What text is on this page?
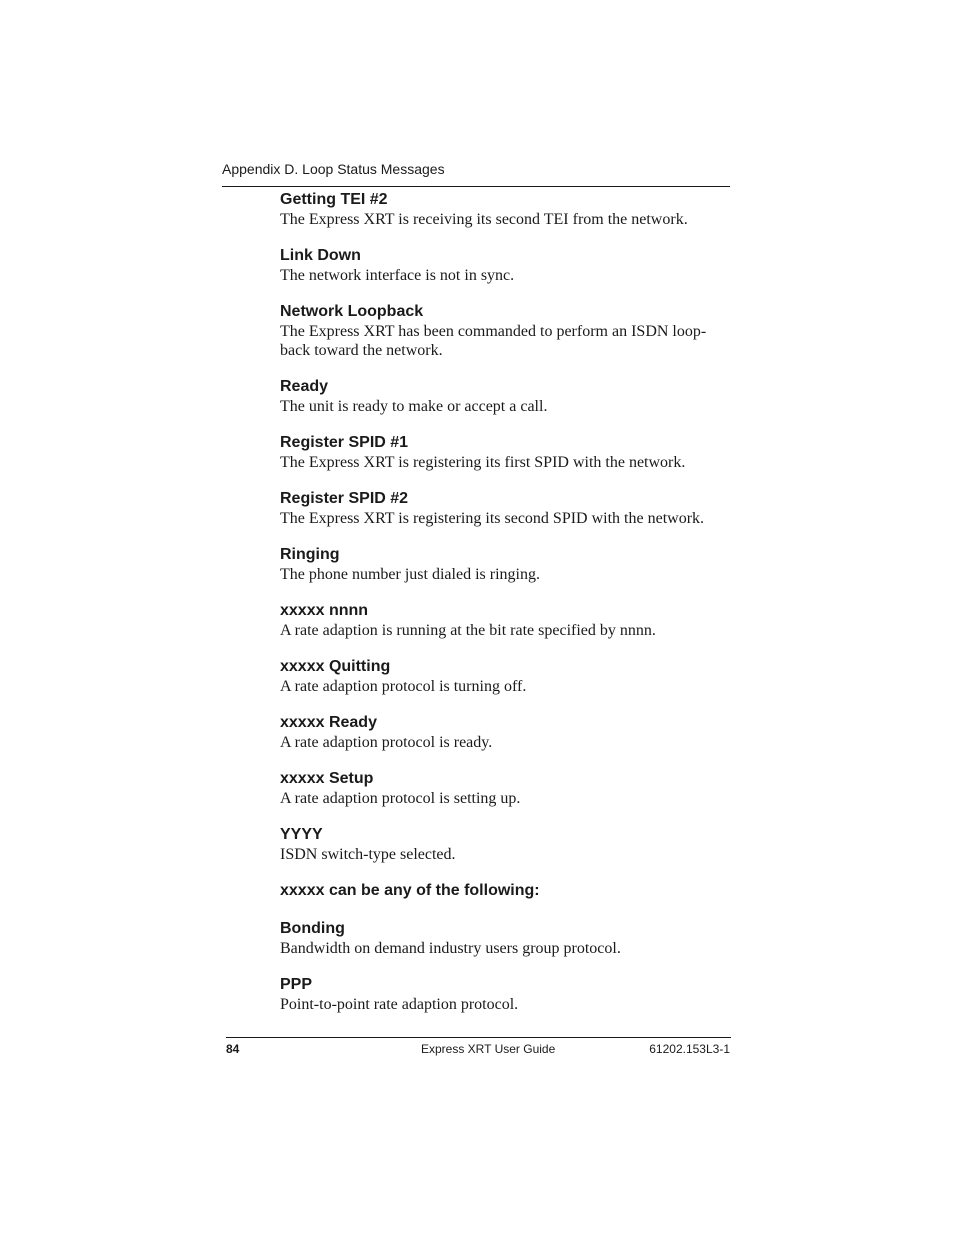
Appendix D. Loop Status Messages

Getting TEI #2

The Express XRT is receiving its second TEI from the network.

Link Down

The network interface is not in sync.

Network Loopback

The Express XRT has been commanded to perform an ISDN loop-back toward the network.

Ready

The unit is ready to make or accept a call.

Register SPID #1

The Express XRT is registering its first SPID with the network.

Register SPID #2

The Express XRT is registering its second SPID with the network.

Ringing

The phone number just dialed is ringing.

xxxxx nnnn

A rate adaption is running at the bit rate specified by nnnn.

xxxxx Quitting

A rate adaption protocol is turning off.

xxxxx Ready

A rate adaption protocol is ready.

xxxxx Setup

A rate adaption protocol is setting up.

YYYY

ISDN switch-type selected.

xxxxx can be any of the following:

Bonding

Bandwidth on demand industry users group protocol.

PPP

Point-to-point rate adaption protocol.

84	Express XRT User Guide	61202.153L3-1
